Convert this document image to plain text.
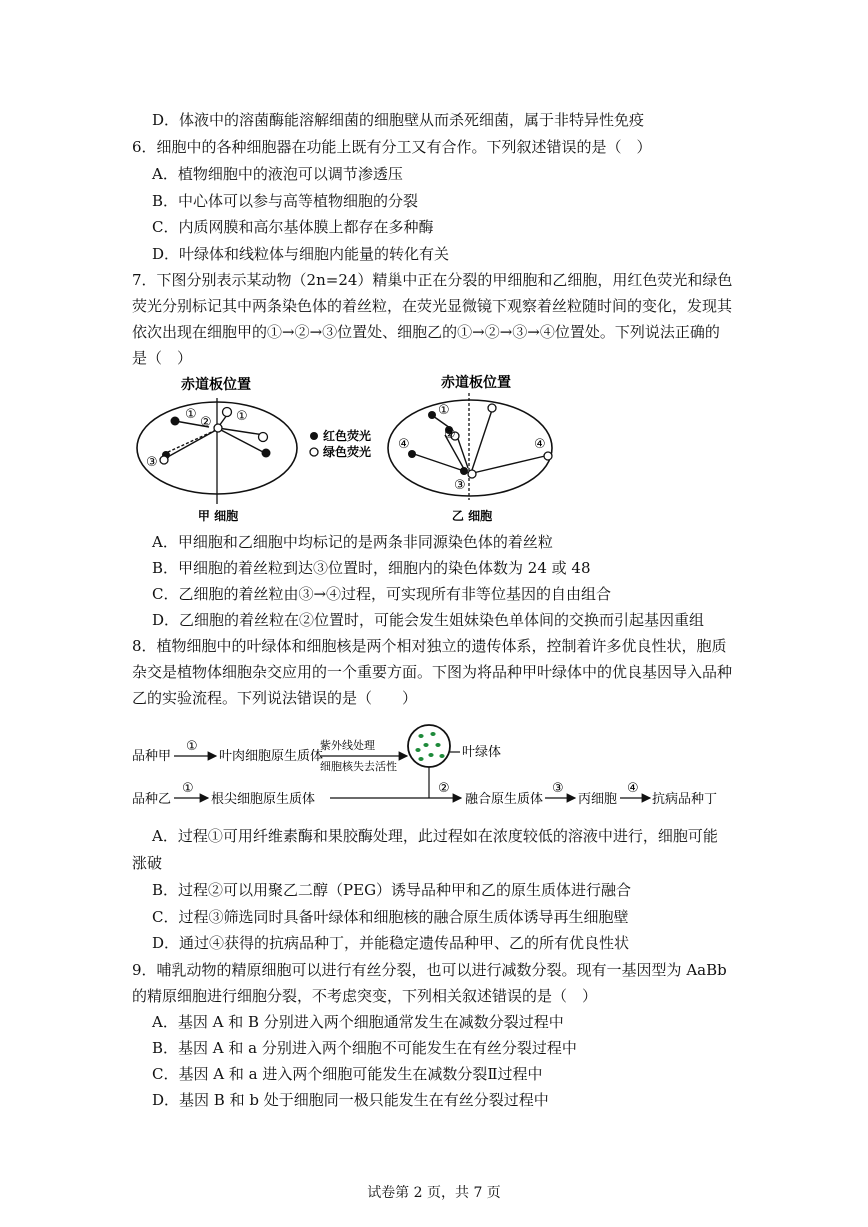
D．体液中的溶菌酶能溶解细菌的细胞壁从而杀死细菌，属于非特异性免疫
6．细胞中的各种细胞器在功能上既有分工又有合作。下列叙述错误的是（　）
A．植物细胞中的液泡可以调节渗透压
B．中心体可以参与高等植物细胞的分裂
C．内质网膜和高尔基体膜上都存在多种酶
D．叶绿体和线粒体与细胞内能量的转化有关
7．下图分别表示某动物（2n=24）精巢中正在分裂的甲细胞和乙细胞，用红色荧光和绿色
荧光分别标记其中两条染色体的着丝粒，在荧光显微镜下观察着丝粒随时间的变化，发现其
依次出现在细胞甲的①→②→③位置处、细胞乙的①→②→③→④位置处。下列说法正确的
是（　）
赤道板位置	赤道板位置
①	①
②
③
红色荧光
绿色荧光
①
②
③
④	④
甲 细胞	乙 细胞
A．甲细胞和乙细胞中均标记的是两条非同源染色体的着丝粒
B．甲细胞的着丝粒到达③位置时，细胞内的染色体数为 24 或 48
C．乙细胞的着丝粒由③→④过程，可实现所有非等位基因的自由组合
D．乙细胞的着丝粒在②位置时，可能会发生姐妹染色单体间的交换而引起基因重组
8．植物细胞中的叶绿体和细胞核是两个相对独立的遗传体系，控制着许多优良性状，胞质
杂交是植物体细胞杂交应用的一个重要方面。下图为将品种甲叶绿体中的优良基因导入品种
乙的实验流程。下列说法错误的是（　　）
品种甲
①
叶肉细胞原生质体
紫外线处理
细胞核失去活性
叶绿体
品种乙
①
根尖细胞原生质体
②
融合原生质体
③
丙细胞
④
抗病品种丁
A．过程①可用纤维素酶和果胶酶处理，此过程如在浓度较低的溶液中进行，细胞可能
涨破
B．过程②可以用聚乙二醇（PEG）诱导品种甲和乙的原生质体进行融合
C．过程③筛选同时具备叶绿体和细胞核的融合原生质体诱导再生细胞壁
D．通过④获得的抗病品种丁，并能稳定遗传品种甲、乙的所有优良性状
9．哺乳动物的精原细胞可以进行有丝分裂，也可以进行减数分裂。现有一基因型为 AaBb
的精原细胞进行细胞分裂，不考虑突变，下列相关叙述错误的是（　）
A．基因 A 和 B 分别进入两个细胞通常发生在减数分裂过程中
B．基因 A 和 a 分别进入两个细胞不可能发生在有丝分裂过程中
C．基因 A 和 a 进入两个细胞可能发生在减数分裂Ⅱ过程中
D．基因 B 和 b 处于细胞同一极只能发生在有丝分裂过程中
试卷第 2 页，共 7 页
